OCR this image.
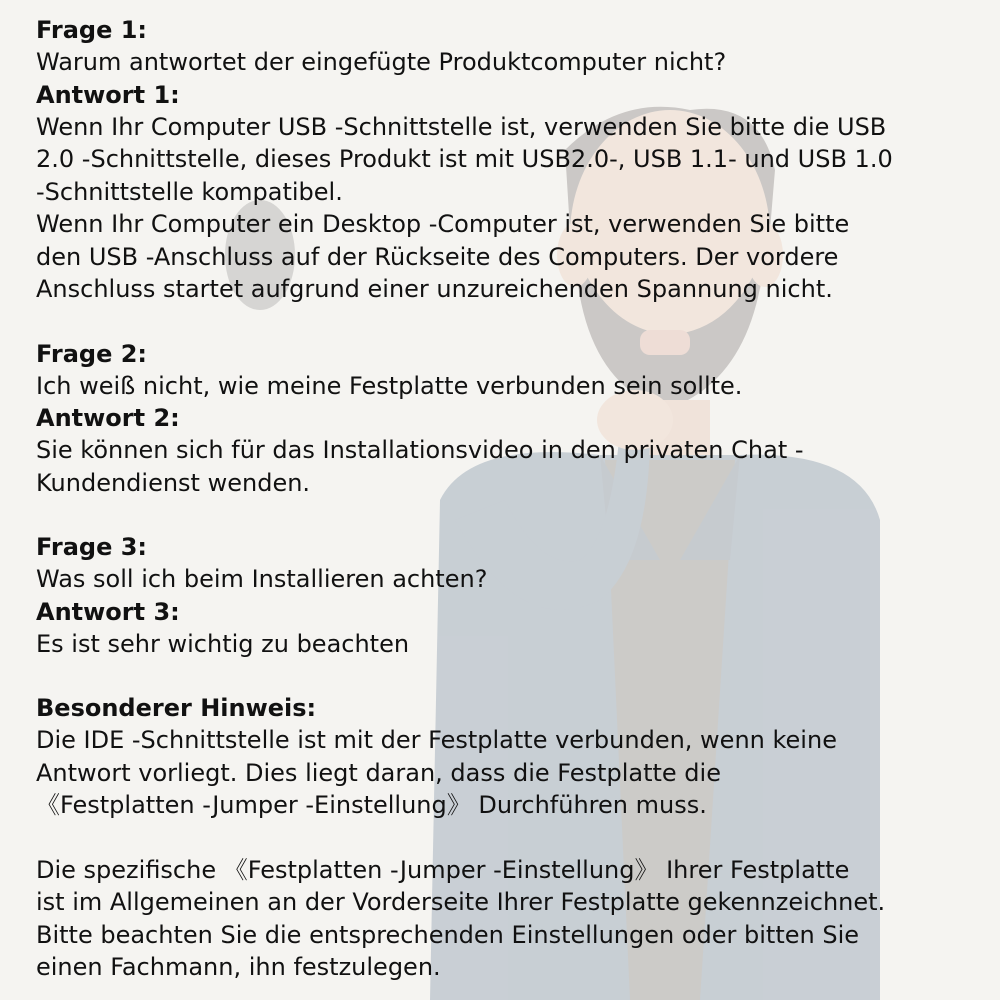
Frage 1:

Warum antwortet der eingefügte Produktcomputer nicht?

Antwort 1:

Wenn Ihr Computer USB -Schnittstelle ist, verwenden Sie bitte die USB
2.0 -Schnittstelle, dieses Produkt ist mit USB2.0-, USB 1.1- und USB 1.0
-Schnittstelle kompatibel.

Wenn Ihr Computer ein Desktop -Computer ist, verwenden Sie bitte
den USB -Anschluss auf der Rückseite des Computers. Der vordere
Anschluss startet aufgrund einer unzureichenden Spannung nicht.

Frage 2:

Ich weiß nicht, wie meine Festplatte verbunden sein sollte.

Antwort 2:

Sie können sich für das Installationsvideo in den privaten Chat -
Kundendienst wenden.

Frage 3:

Was soll ich beim Installieren achten?

Antwort 3:

Es ist sehr wichtig zu beachten

Besonderer Hinweis:

Die IDE -Schnittstelle ist mit der Festplatte verbunden, wenn keine
Antwort vorliegt. Dies liegt daran, dass die Festplatte die
《Festplatten -Jumper -Einstellung》 Durchführen muss.

Die spezifische 《Festplatten -Jumper -Einstellung》 Ihrer Festplatte
ist im Allgemeinen an der Vorderseite Ihrer Festplatte gekennzeichnet.
Bitte beachten Sie die entsprechenden Einstellungen oder bitten Sie
einen Fachmann, ihn festzulegen.
